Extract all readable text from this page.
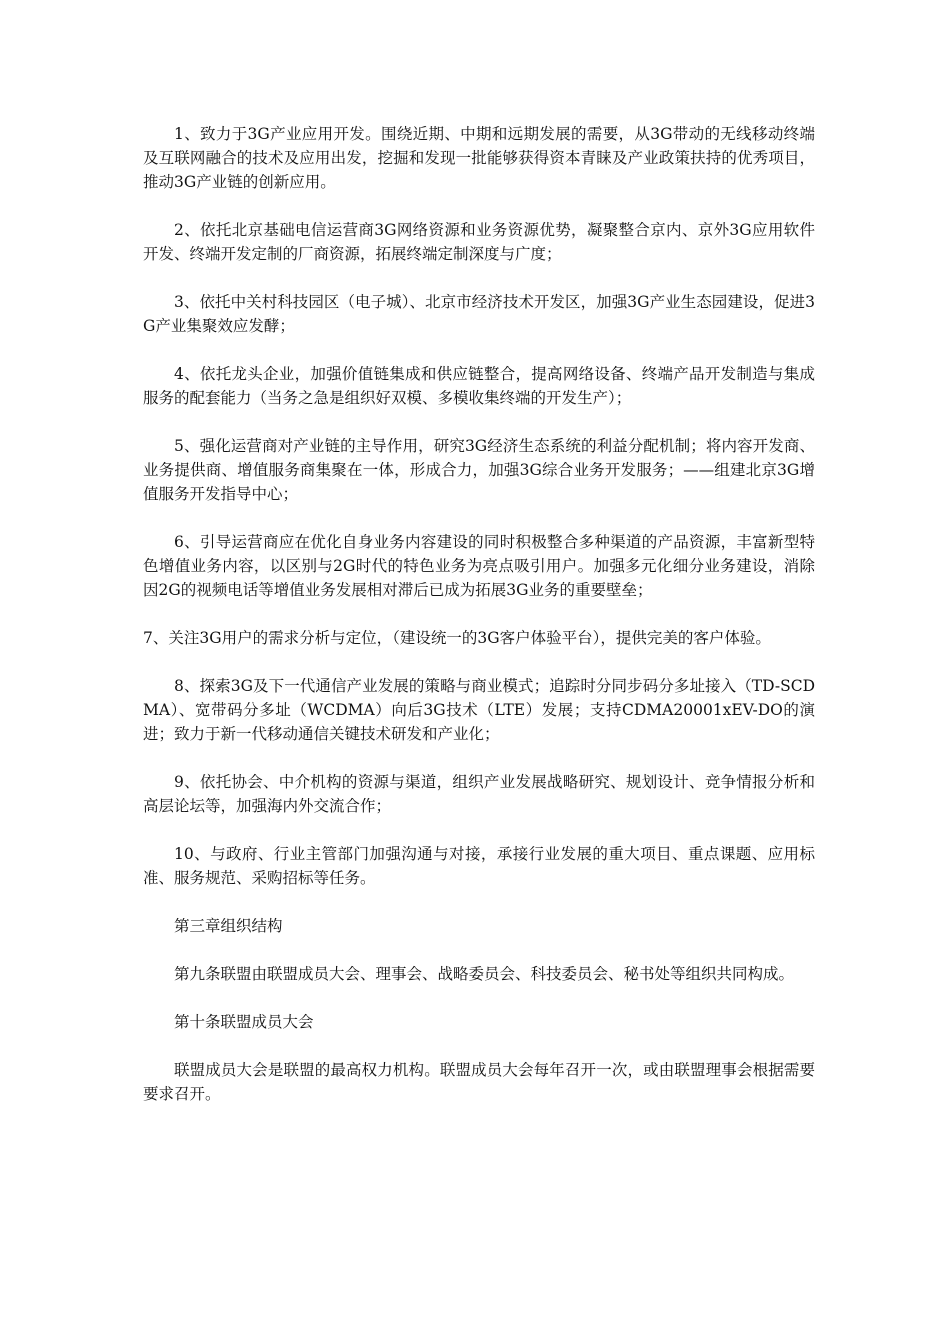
1、致力于3G产业应用开发。围绕近期、中期和远期发展的需要，从3G带动的无线移动终端及互联网融合的技术及应用出发，挖掘和发现一批能够获得资本青睐及产业政策扶持的优秀项目，推动3G产业链的创新应用。

2、依托北京基础电信运营商3G网络资源和业务资源优势，凝聚整合京内、京外3G应用软件开发、终端开发定制的厂商资源，拓展终端定制深度与广度；

3、依托中关村科技园区（电子城）、北京市经济技术开发区，加强3G产业生态园建设，促进3G产业集聚效应发酵；

4、依托龙头企业，加强价值链集成和供应链整合，提高网络设备、终端产品开发制造与集成服务的配套能力（当务之急是组织好双模、多模收集终端的开发生产）；

5、强化运营商对产业链的主导作用，研究3G经济生态系统的利益分配机制；将内容开发商、业务提供商、增值服务商集聚在一体，形成合力，加强3G综合业务开发服务；——组建北京3G增值服务开发指导中心；

6、引导运营商应在优化自身业务内容建设的同时积极整合多种渠道的产品资源，丰富新型特色增值业务内容，以区别与2G时代的特色业务为亮点吸引用户。加强多元化细分业务建设，消除因2G的视频电话等增值业务发展相对滞后已成为拓展3G业务的重要壁垒；

7、关注3G用户的需求分析与定位，（建设统一的3G客户体验平台），提供完美的客户体验。

8、探索3G及下一代通信产业发展的策略与商业模式；追踪时分同步码分多址接入（TD-SCDMA）、宽带码分多址（WCDMA）向后3G技术（LTE）发展；支持CDMA20001xEV-DO的演进；致力于新一代移动通信关键技术研发和产业化；

9、依托协会、中介机构的资源与渠道，组织产业发展战略研究、规划设计、竞争情报分析和高层论坛等，加强海内外交流合作；

10、与政府、行业主管部门加强沟通与对接，承接行业发展的重大项目、重点课题、应用标准、服务规范、采购招标等任务。

第三章组织结构

第九条联盟由联盟成员大会、理事会、战略委员会、科技委员会、秘书处等组织共同构成。

第十条联盟成员大会

联盟成员大会是联盟的最高权力机构。联盟成员大会每年召开一次，或由联盟理事会根据需要要求召开。
